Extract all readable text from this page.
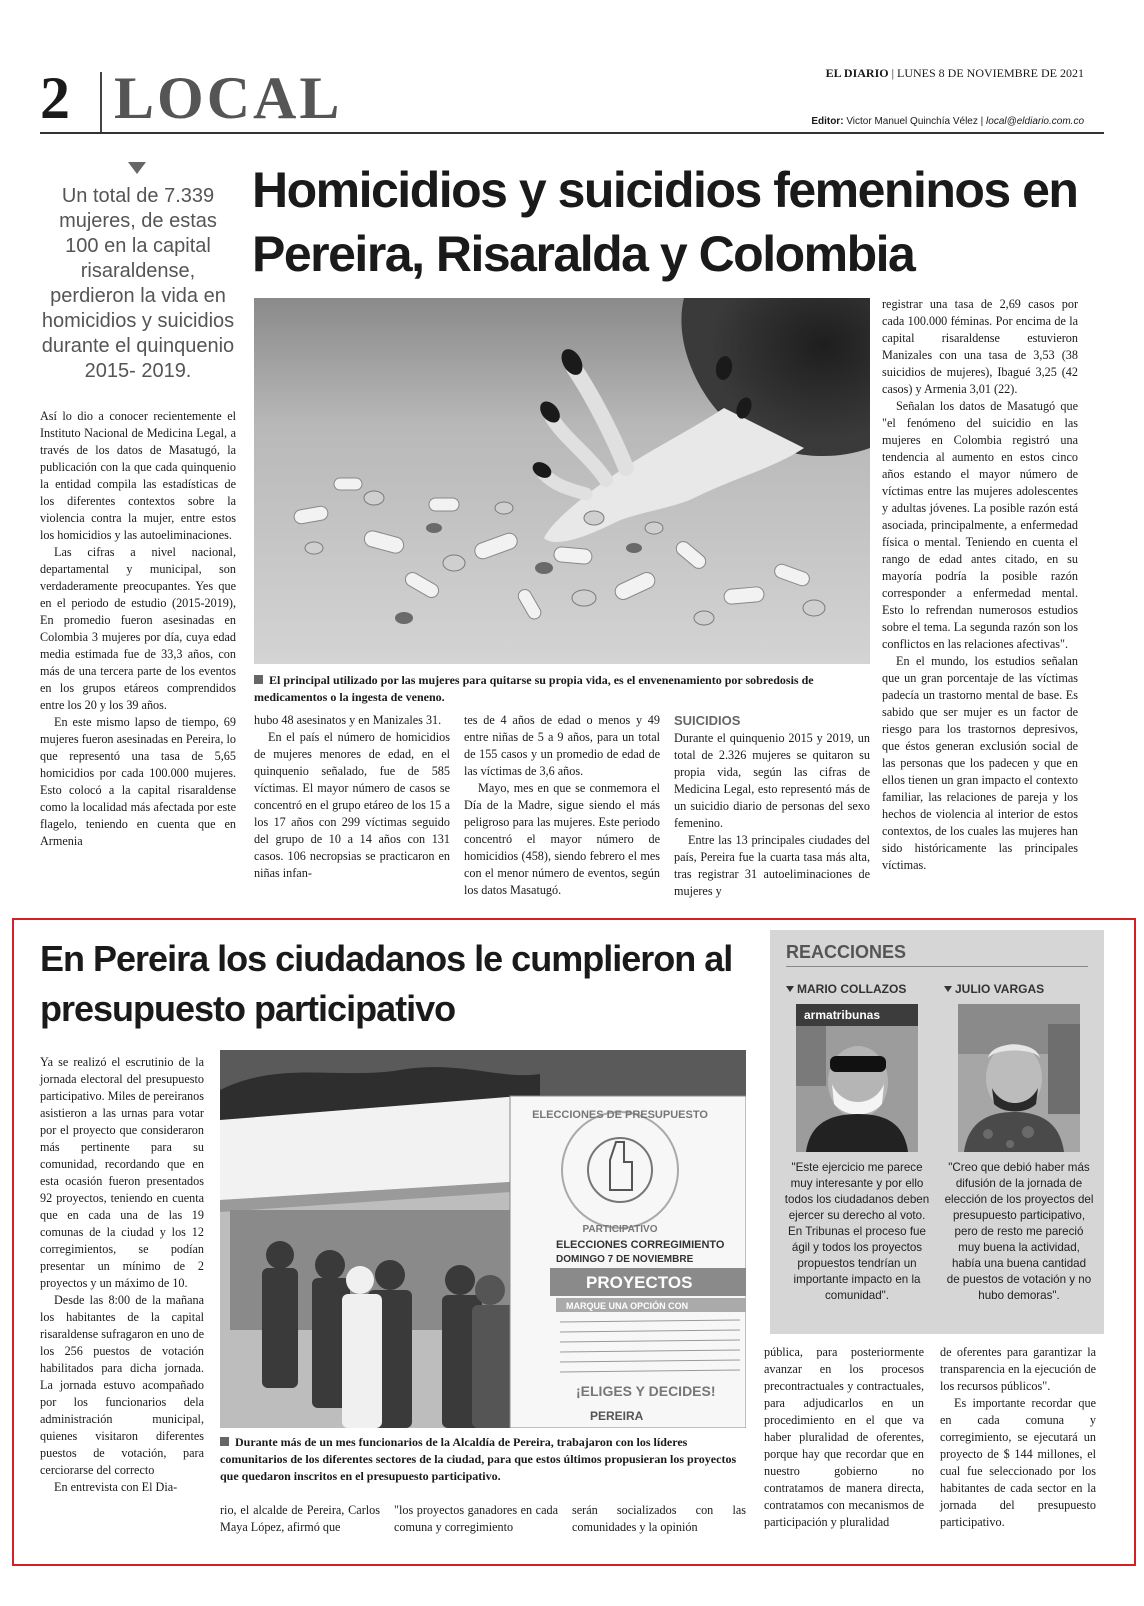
2 LOCAL	EL DIARIO | LUNES 8 DE NOVIEMBRE DE 2021
Editor: Victor Manuel Quinchía Vélez | local@eldiario.com.co
Un total de 7.339 mujeres, de estas 100 en la capital risaraldense, perdieron la vida en homicidios y suicidios durante el quinquenio 2015- 2019.
Homicidios y suicidios femeninos en Pereira, Risaralda y Colombia
El principal utilizado por las mujeres para quitarse su propia vida, es el envenenamiento por sobredosis de medicamentos o la ingesta de veneno.

Así lo dio a conocer recientemente el Instituto Nacional de Medicina Legal, a través de los datos de Masatugó, la publicación con la que cada quinquenio la entidad compila las estadísticas de los diferentes contextos sobre la violencia contra la mujer, entre estos los homicidios y las autoeliminaciones.

Las cifras a nivel nacional, departamental y municipal, son verdaderamente preocupantes. Yes que en el periodo de estudio (2015-2019), En promedio fueron asesinadas en Colombia 3 mujeres por día, cuya edad media estimada fue de 33,3 años, con más de una tercera parte de los eventos en los grupos etáreos comprendidos entre los 20 y los 39 años.

En este mismo lapso de tiempo, 69 mujeres fueron asesinadas en Pereira, lo que representó una tasa de 5,65 homicidios por cada 100.000 mujeres. Esto colocó a la capital risaraldense como la localidad más afectada por este flagelo, teniendo en cuenta que en Armenia

hubo 48 asesinatos y en Manizales 31.

En el país el número de homicidios de mujeres menores de edad, en el quinquenio señalado, fue de 585 víctimas. El mayor número de casos se concentró en el grupo etáreo de los 15 a los 17 años con 299 víctimas seguido del grupo de 10 a 14 años con 131 casos. 106 necropsias se practicaron en niñas infan-

tes de 4 años de edad o menos y 49 entre niñas de 5 a 9 años, para un total de 155 casos y un promedio de edad de las víctimas de 3,6 años.

Mayo, mes en que se conmemora el Día de la Madre, sigue siendo el más peligroso para las mujeres. Este periodo concentró el mayor número de homicidios (458), siendo febrero el mes con el menor número de eventos, según los datos Masatugó.

SUICIDIOS

Durante el quinquenio 2015 y 2019, un total de 2.326 mujeres se quitaron su propia vida, según las cifras de Medicina Legal, esto representó más de un suicidio diario de personas del sexo femenino.

Entre las 13 principales ciudades del país, Pereira fue la cuarta tasa más alta, tras registrar 31 autoeliminaciones de mujeres y

registrar una tasa de 2,69 casos por cada 100.000 féminas. Por encima de la capital risaraldense estuvieron Manizales con una tasa de 3,53 (38 suicidios de mujeres), Ibagué 3,25 (42 casos) y Armenia 3,01 (22).

Señalan los datos de Masatugó que "el fenómeno del suicidio en las mujeres en Colombia registró una tendencia al aumento en estos cinco años estando el mayor número de víctimas entre las mujeres adolescentes y adultas jóvenes. La posible razón está asociada, principalmente, a enfermedad física o mental. Teniendo en cuenta el rango de edad antes citado, en su mayoría podría la posible razón corresponder a enfermedad mental. Esto lo refrendan numerosos estudios sobre el tema. La segunda razón son los conflictos en las relaciones afectivas".

En el mundo, los estudios señalan que un gran porcentaje de las víctimas padecía un trastorno mental de base. Es sabido que ser mujer es un factor de riesgo para los trastornos depresivos, que éstos generan exclusión social de las personas que los padecen y que en ellos tienen un gran impacto el contexto familiar, las relaciones de pareja y los hechos de violencia al interior de estos contextos, de los cuales las mujeres han sido históricamente las principales víctimas.

En Pereira los ciudadanos le cumplieron al presupuesto participativo

Ya se realizó el escrutinio de la jornada electoral del presupuesto participativo. Miles de pereiranos asistieron a las urnas para votar por el proyecto que consideraron más pertinente para su comunidad, recordando que en esta ocasión fueron presentados 92 proyectos, teniendo en cuenta que en cada una de las 19 comunas de la ciudad y los 12 corregimientos, se podían presentar un mínimo de 2 proyectos y un máximo de 10.

Desde las 8:00 de la mañana los habitantes de la capital risaraldense sufragaron en uno de los 256 puestos de votación habilitados para dicha jornada. La jornada estuvo acompañado por los funcionarios dela administración municipal, quienes visitaron diferentes puestos de votación, para cerciorarse del correcto

En entrevista con El Dia-

ELECCIONES DE PRESUPUESTO
PARTICIPATIVO
ELECCIONES CORREGIMIENTO
DOMINGO 7 DE NOVIEMBRE
PROYECTOS
MARQUE UNA OPCIÓN CON
¡ELIGES Y DECIDES!
PEREIRA
Durante más de un mes funcionarios de la Alcaldía de Pereira, trabajaron con los líderes comunitarios de los diferentes sectores de la ciudad, para que estos últimos propusieran los proyectos que quedaron inscritos en el presupuesto participativo.

rio, el alcalde de Pereira, Carlos Maya López, afirmó que

"los proyectos ganadores en cada comuna y corregimiento

serán socializados con las comunidades y la opinión

pública, para posteriormente avanzar en los procesos precontractuales y contractuales, para adjudicarlos en un procedimiento en el que va haber pluralidad de oferentes, porque hay que recordar que en nuestro gobierno no contratamos de manera directa, contratamos con mecanismos de participación y pluralidad

de oferentes para garantizar la transparencia en la ejecución de los recursos públicos".

Es importante recordar que en cada comuna y corregimiento, se ejecutará un proyecto de $ 144 millones, el cual fue seleccionado por los habitantes de cada sector en la jornada del presupuesto participativo.

REACCIONES
MARIO COLLAZOS
armatribunas
"Este ejercicio me parece muy interesante y por ello todos los ciudadanos deben ejercer su derecho al voto. En Tribunas el proceso fue ágil y todos los proyectos propuestos tendrían un importante impacto en la comunidad".
JULIO VARGAS
"Creo que debió haber más difusión de la jornada de elección de los proyectos del presupuesto participativo, pero de resto me pareció muy buena la actividad, había una buena cantidad de puestos de votación y no hubo demoras".
